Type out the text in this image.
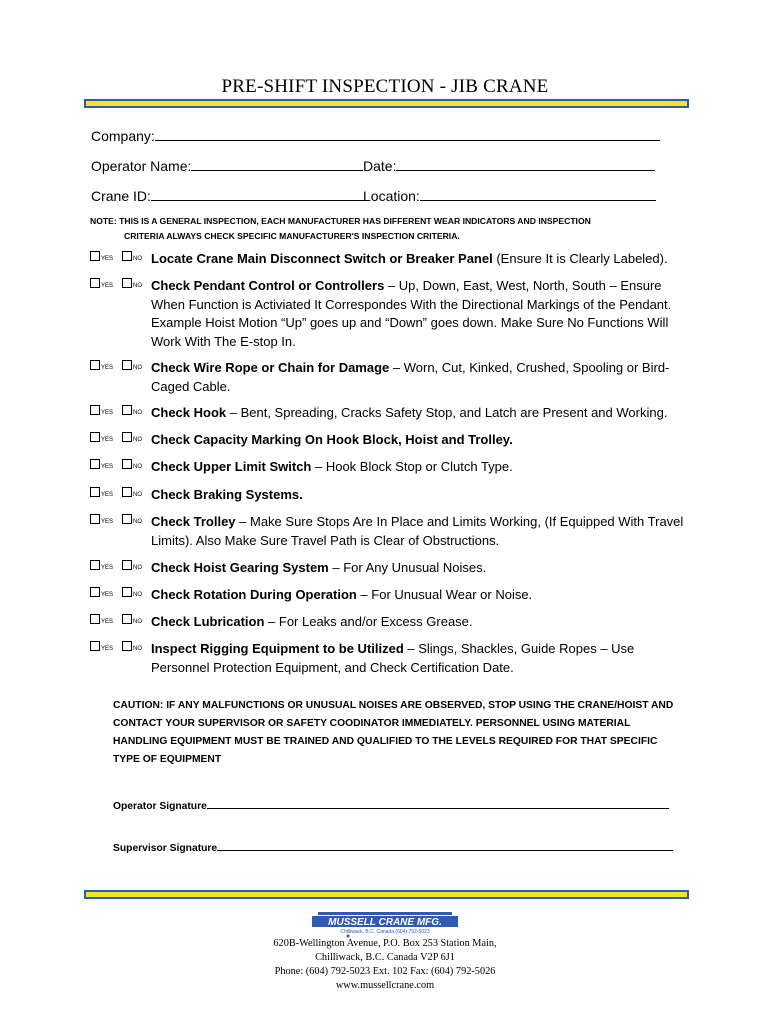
PRE-SHIFT INSPECTION - JIB CRANE
Company:
Operator Name:	Date:
Crane ID:	Location:
NOTE: THIS IS A GENERAL INSPECTION, EACH MANUFACTURER HAS DIFFERENT WEAR INDICATORS AND INSPECTION
CRITERIA ALWAYS CHECK SPECIFIC MANUFACTURER'S INSPECTION CRITERIA.
YES	NO Locate Crane Main Disconnect Switch or Breaker Panel (Ensure It is Clearly Labeled).
YES	NO Check Pendant Control or Controllers – Up, Down, East, West, North, South – Ensure When Function is Activiated It Correspondes With the Directional Markings of the Pendant. Example Hoist Motion “Up” goes up and “Down” goes down. Make Sure No Functions Will Work With The E-stop In.
YES	NO Check Wire Rope or Chain for Damage – Worn, Cut, Kinked, Crushed, Spooling or Bird-Caged Cable.
YES	NO Check Hook – Bent, Spreading, Cracks Safety Stop, and Latch are Present and Working.
YES	NO Check Capacity Marking On Hook Block, Hoist and Trolley.
YES	NO Check Upper Limit Switch – Hook Block Stop or Clutch Type.
YES	NO Check Braking Systems.
YES	NO Check Trolley – Make Sure Stops Are In Place and Limits Working, (If Equipped With Travel Limits). Also Make Sure Travel Path is Clear of Obstructions.
YES	NO Check Hoist Gearing System – For Any Unusual Noises.
YES	NO Check Rotation During Operation – For Unusual Wear or Noise.
YES	NO Check Lubrication – For Leaks and/or Excess Grease.
YES	NO Inspect Rigging Equipment to be Utilized – Slings, Shackles, Guide Ropes – Use Personnel Protection Equipment, and Check Certification Date.
CAUTION: IF ANY MALFUNCTIONS OR UNUSUAL NOISES ARE OBSERVED, STOP USING THE CRANE/HOIST AND CONTACT YOUR SUPERVISOR OR SAFETY COODINATOR IMMEDIATELY. PERSONNEL USING MATERIAL HANDLING EQUIPMENT MUST BE TRAINED AND QUALIFIED TO THE LEVELS REQUIRED FOR THAT SPECIFIC TYPE OF EQUIPMENT
Operator Signature
Supervisor Signature
MUSSELL CRANE MFG.
Chilliwack, B.C. Canada (604) 792-5023
620B-Wellington Avenue, P.O. Box 253 Station Main,
Chilliwack, B.C. Canada V2P 6J1
Phone: (604) 792-5023 Ext. 102 Fax: (604) 792-5026
www.mussellcrane.com
